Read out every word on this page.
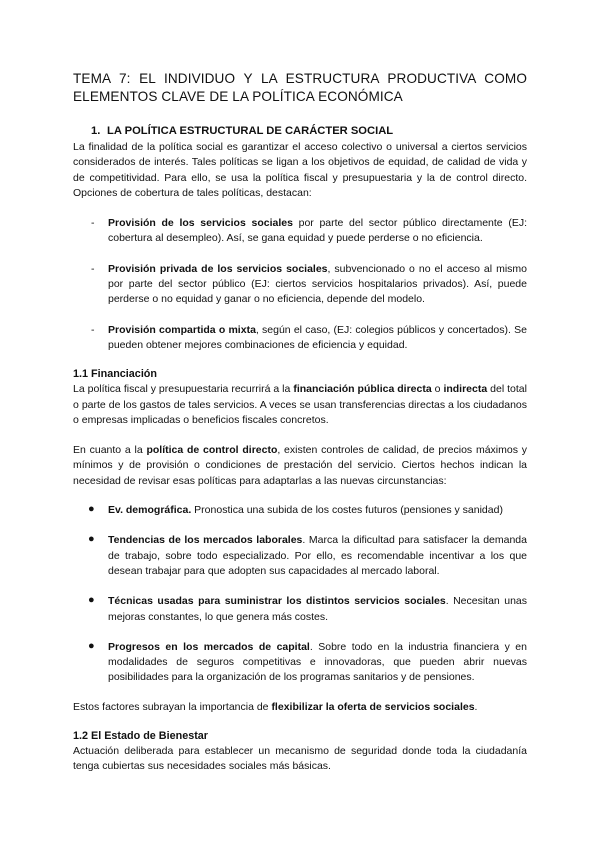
TEMA 7: EL INDIVIDUO Y LA ESTRUCTURA PRODUCTIVA COMO ELEMENTOS CLAVE DE LA POLÍTICA ECONÓMICA
1. LA POLÍTICA ESTRUCTURAL DE CARÁCTER SOCIAL

La finalidad de la política social es garantizar el acceso colectivo o universal a ciertos servicios considerados de interés. Tales políticas se ligan a los objetivos de equidad, de calidad de vida y de competitividad. Para ello, se usa la política fiscal y presupuestaria y la de control directo. Opciones de cobertura de tales políticas, destacan:

- Provisión de los servicios sociales por parte del sector público directamente (EJ: cobertura al desempleo). Así, se gana equidad y puede perderse o no eficiencia.
- Provisión privada de los servicios sociales, subvencionado o no el acceso al mismo por parte del sector público (EJ: ciertos servicios hospitalarios privados). Así, puede perderse o no equidad y ganar o no eficiencia, depende del modelo.
- Provisión compartida o mixta, según el caso, (EJ: colegios públicos y concertados). Se pueden obtener mejores combinaciones de eficiencia y equidad.
1.1 Financiación

La política fiscal y presupuestaria recurrirá a la financiación pública directa o indirecta del total o parte de los gastos de tales servicios. A veces se usan transferencias directas a los ciudadanos o empresas implicadas o beneficios fiscales concretos.

En cuanto a la política de control directo, existen controles de calidad, de precios máximos y mínimos y de provisión o condiciones de prestación del servicio. Ciertos hechos indican la necesidad de revisar esas políticas para adaptarlas a las nuevas circunstancias:

● Ev. demográfica. Pronostica una subida de los costes futuros (pensiones y sanidad)
● Tendencias de los mercados laborales. Marca la dificultad para satisfacer la demanda de trabajo, sobre todo especializado. Por ello, es recomendable incentivar a los que desean trabajar para que adopten sus capacidades al mercado laboral.
● Técnicas usadas para suministrar los distintos servicios sociales. Necesitan unas mejoras constantes, lo que genera más costes.
● Progresos en los mercados de capital. Sobre todo en la industria financiera y en modalidades de seguros competitivas e innovadoras, que pueden abrir nuevas posibilidades para la organización de los programas sanitarios y de pensiones.

Estos factores subrayan la importancia de flexibilizar la oferta de servicios sociales.

1.2 El Estado de Bienestar

Actuación deliberada para establecer un mecanismo de seguridad donde toda la ciudadanía tenga cubiertas sus necesidades sociales más básicas.
